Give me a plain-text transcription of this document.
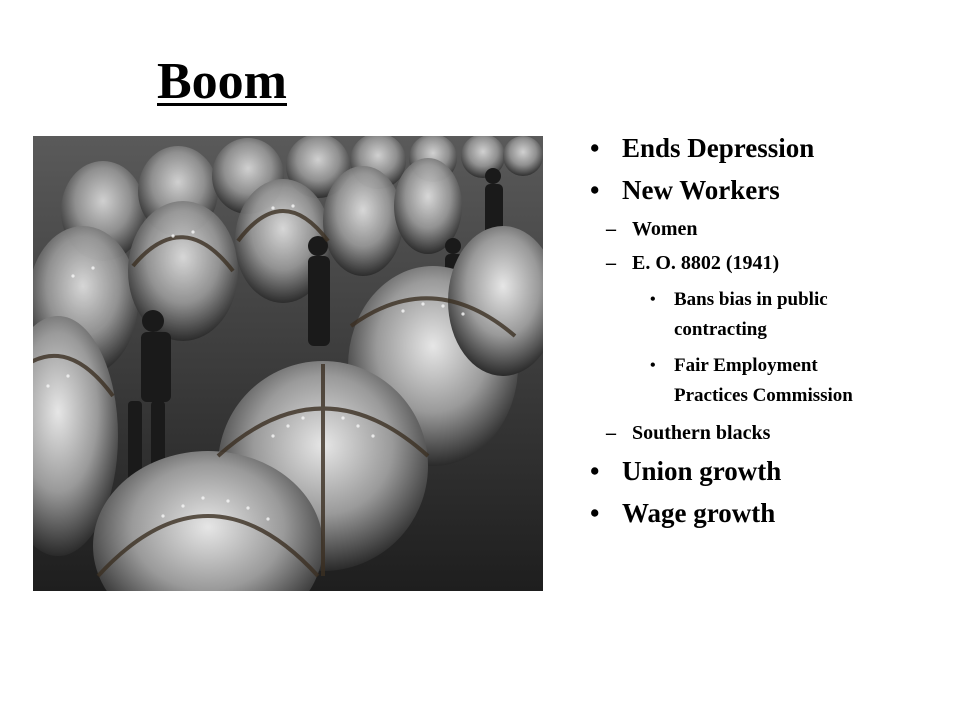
Boom
• Ends Depression
• New Workers
– Women
– E. O. 8802 (1941)
• Bans bias in public contracting
• Fair Employment Practices Commission
– Southern blacks
• Union growth
• Wage growth
